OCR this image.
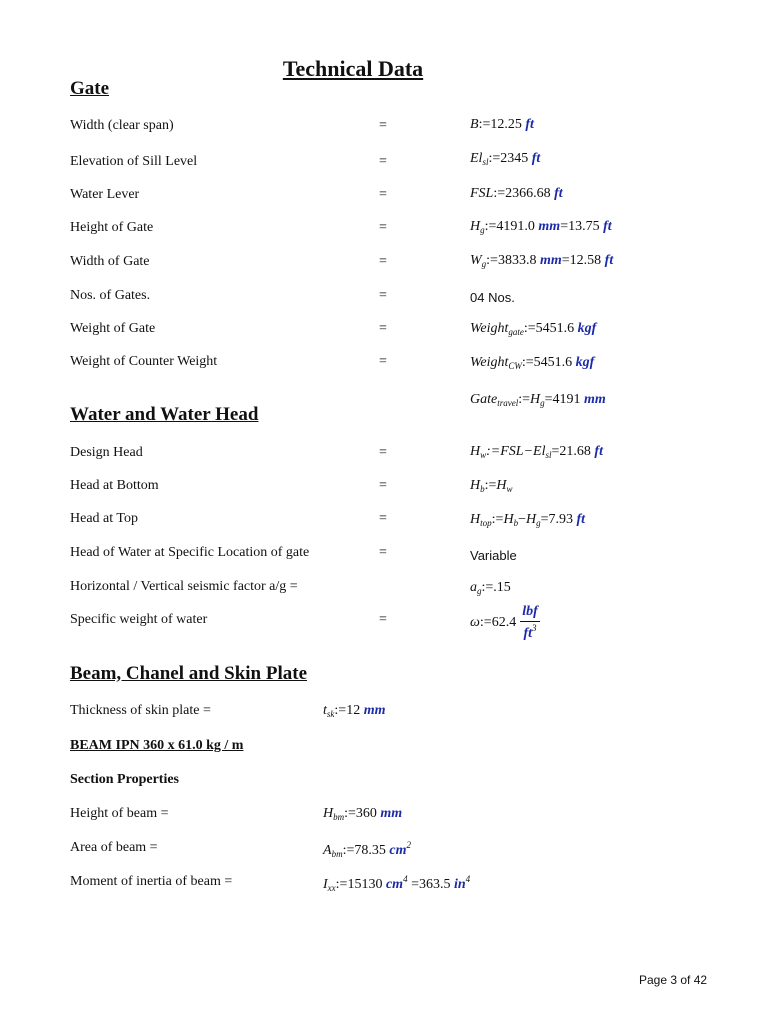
Technical Data
Gate
Width (clear span)	=	B:=12.25 ft
Elevation of Sill Level	=	$El_{sl}:=2345$ ft
Water Lever	=	FSL:=2366.68 ft
Height of Gate	=	$H_g:=4191.0$ mm=13.75 ft
Width of Gate	=	$W_g:=3833.8$ mm=12.58 ft
Nos. of Gates.	=	04 Nos.
Weight of Gate	=	Weight$_{gate}$:=5451.6 kgf
Weight of Counter Weight	=	Weight$_{CW}$:=5451.6 kgf
$Gate_{travel}:=H_g=4191$ mm
Water and Water Head
Design Head	=	$H_w:=FSL-El_{sl}=21.68$ ft
Head at Bottom	=	$H_b:=H_w$
Head at Top	=	$H_{top}:=H_b-H_g=7.93$ ft
Head of Water at Specific Location of gate	=	Variable
Horizontal / Vertical seismic factor a/g =	$a_g:=.15$
Specific weight of water	=	ω:=62.4 $\frac{\text{lbf}}{ft^3}$
Beam, Chanel and Skin Plate
Thickness of skin plate =	$t_{sk}:=12$ mm
BEAM IPN 360 x 61.0 kg / m
Section Properties
Height of beam =	$H_{bm}:=360$ mm
Area of beam =	$A_{bm}:=78.35$ $cm^2$
Moment of inertia of beam =	$I_{xx}:=15130$ $cm^4 =363.5$ $in^4$
Page 3 of 42
